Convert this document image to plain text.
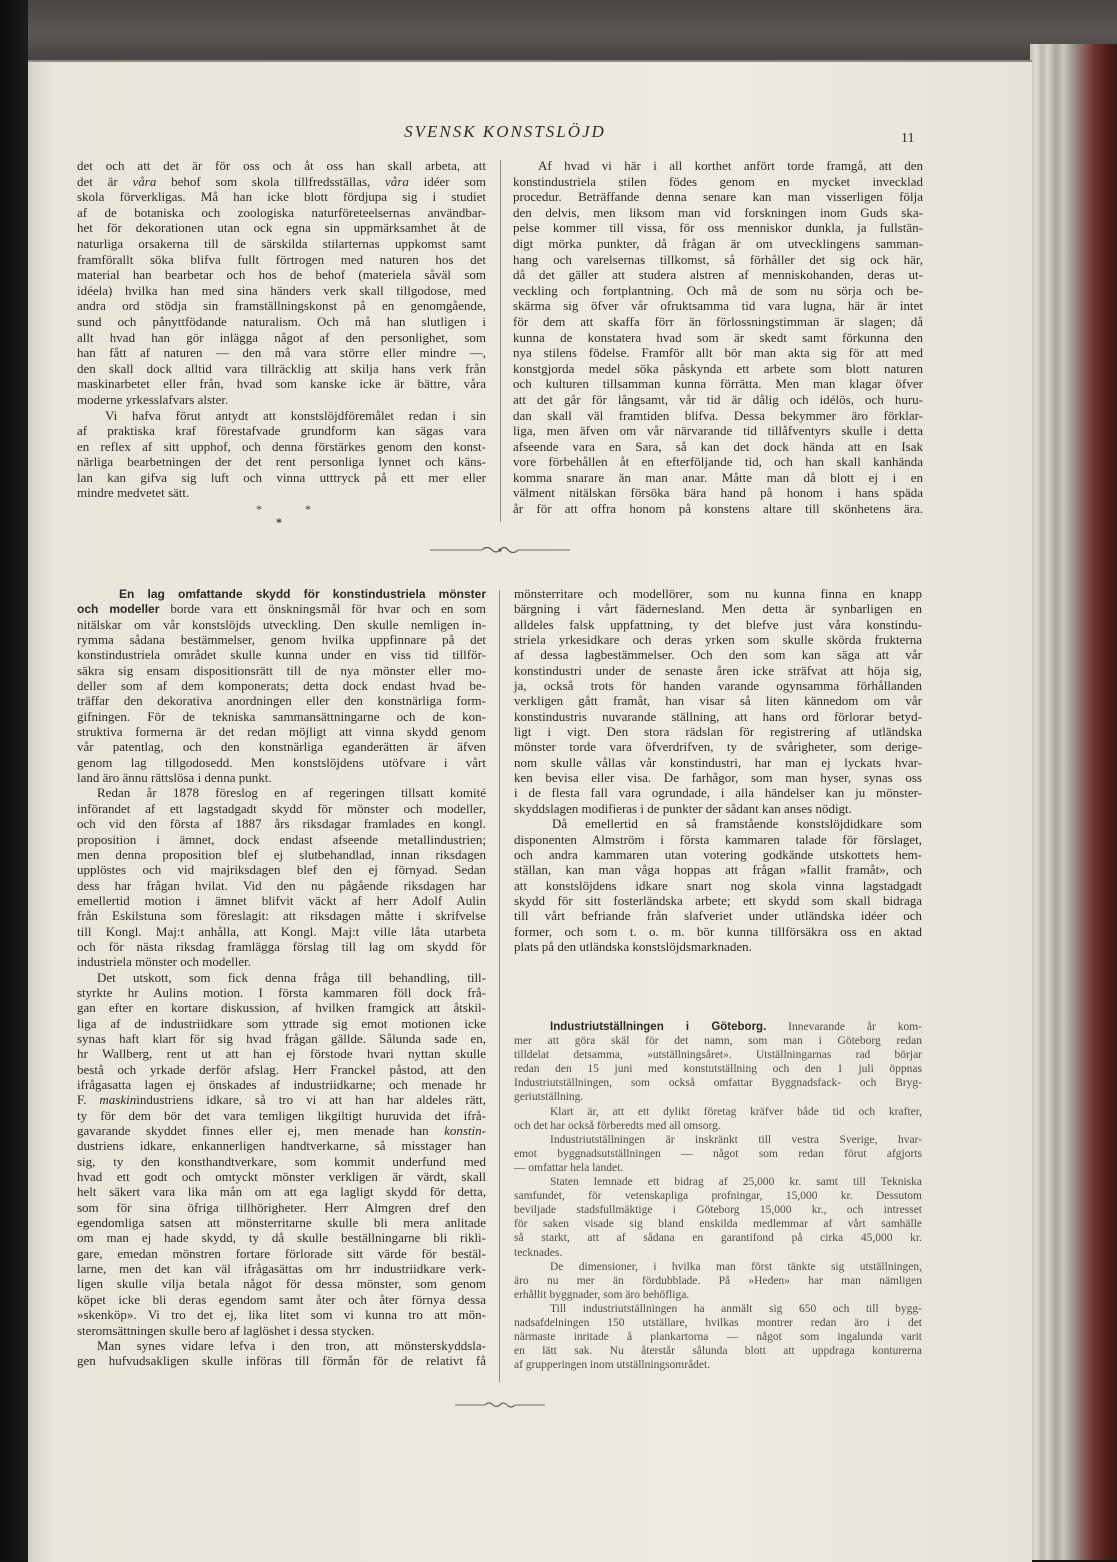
SVENSK KONSTSLÖJD	11
det och att det är för oss och åt oss han skall arbeta, att
det är våra behof som skola tillfredsställas, våra idéer som
skola förverkligas. Må han icke blott fördjupa sig i studiet
af de botaniska och zoologiska naturföreteelsernas användbar-
het för dekorationen utan ock egna sin uppmärksamhet åt de
naturliga orsakerna till de särskilda stilarternas uppkomst samt
framförallt söka blifva fullt förtrogen med naturen hos det
material han bearbetar och hos de behof (materiela såväl som
idéela) hvilka han med sina händers verk skall tillgodose, med
andra ord stödja sin framställningskonst på en genomgående,
sund och pånyttfödande naturalism. Och må han slutligen i
allt hvad han gör inlägga något af den personlighet, som
han fått af naturen — den må vara större eller mindre —,
den skall dock alltid vara tillräcklig att skilja hans verk från
maskinarbetet eller från, hvad som kanske icke är bättre, våra
moderne yrkesslafvars alster.
Vi hafva förut antydt att konstslöjdföremålet redan i sin
af praktiska kraf förestafvade grundform kan sägas vara
en reflex af sitt upphof, och denna förstärkes genom den konst-
närliga bearbetningen der det rent personliga lynnet och käns-
lan kan gifva sig luft och vinna utttryck på ett mer eller
mindre medvetet sätt.
Af hvad vi här i all korthet anfört torde framgå, att den
konstindustriela stilen födes genom en mycket invecklad
procedur. Beträffande denna senare kan man visserligen följa
den delvis, men liksom man vid forskningen inom Guds ska-
pelse kommer till vissa, för oss menniskor dunkla, ja fullstän-
digt mörka punkter, då frågan är om utvecklingens samman-
hang och varelsernas tillkomst, så förhåller det sig ock här,
då det gäller att studera alstren af menniskohanden, deras ut-
veckling och fortplantning. Och må de som nu sörja och be-
skärma sig öfver vår ofruktsamma tid vara lugna, här är intet
för dem att skaffa förr än förlossningstimman är slagen; då
kunna de konstatera hvad som är skedt samt förkunna den
nya stilens födelse. Framför allt bör man akta sig för att med
konstgjorda medel söka påskynda ett arbete som blott naturen
och kulturen tillsamman kunna förrätta. Men man klagar öfver
att det går för långsamt, vår tid är dålig och idélös, och huru-
dan skall väl framtiden blifva. Dessa bekymmer äro förklar-
liga, men äfven om vår närvarande tid tillåfventyrs skulle i detta
afseende vara en Sara, så kan det dock hända att en Isak
vore förbehållen åt en efterföljande tid, och han skall kanhända
komma snarare än man anar. Måtte man då blott ej i en
välment nitälskan försöka bära hand på honom i hans späda
år för att offra honom på konstens altare till skönhetens ära.
*	*
*
En lag omfattande skydd för konstindustriela mönster
och modeller borde vara ett önskningsmål för hvar och en som
nitälskar om vår konstslöjds utveckling. Den skulle nemligen in-
rymma sådana bestämmelser, genom hvilka uppfinnare på det
konstindustriela området skulle kunna under en viss tid tillför-
säkra sig ensam dispositionsrätt till de nya mönster eller mo-
deller som af dem komponerats; detta dock endast hvad be-
träffar den dekorativa anordningen eller den konstnärliga form-
gifningen. För de tekniska sammansättningarne och de kon-
struktiva formerna är det redan möjligt att vinna skydd genom
vår patentlag, och den konstnärliga eganderätten är äfven
genom lag tillgodosedd. Men konstslöjdens utöfvare i vårt
land äro ännu rättslösa i denna punkt.
Redan år 1878 föreslog en af regeringen tillsatt komité
införandet af ett lagstadgadt skydd för mönster och modeller,
och vid den första af 1887 års riksdagar framlades en kongl.
proposition i ämnet, dock endast afseende metallindustrien;
men denna proposition blef ej slutbehandlad, innan riksdagen
upplöstes och vid majriksdagen blef den ej förnyad. Sedan
dess har frågan hvilat. Vid den nu pågående riksdagen har
emellertid motion i ämnet blifvit väckt af herr Adolf Aulin
från Eskilstuna som föreslagit: att riksdagen måtte i skrifvelse
till Kongl. Maj:t anhålla, att Kongl. Maj:t ville låta utarbeta
och för nästa riksdag framlägga förslag till lag om skydd för
industriela mönster och modeller.
Det utskott, som fick denna fråga till behandling, till-
styrkte hr Aulins motion. I första kammaren föll dock frå-
gan efter en kortare diskussion, af hvilken framgick att åtskil-
liga af de industriidkare som yttrade sig emot motionen icke
synas haft klart för sig hvad frågan gällde. Sålunda sade en,
hr Wallberg, rent ut att han ej förstode hvari nyttan skulle
bestå och yrkade derför afslag. Herr Franckel påstod, att den
ifrågasatta lagen ej önskades af industriidkarne; och menade hr
F. maskinindustriens idkare, så tro vi att han har aldeles rätt,
ty för dem bör det vara temligen likgiltigt huruvida det ifrå-
gavarande skyddet finnes eller ej, men menade han konstin-
dustriens idkare, enkannerligen handtverkarne, så misstager han
sig, ty den konsthandtverkare, som kommit underfund med
hvad ett godt och omtyckt mönster verkligen är värdt, skall
helt säkert vara lika mån om att ega lagligt skydd för detta,
som för sina öfriga tillhörigheter. Herr Almgren dref den
egendomliga satsen att mönsterritarne skulle bli mera anlitade
om man ej hade skydd, ty då skulle beställningarne bli rikli-
gare, emedan mönstren fortare förlorade sitt värde för bestäl-
larne, men det kan väl ifrågasättas om hrr industriidkare verk-
ligen skulle vilja betala något för dessa mönster, som genom
köpet icke bli deras egendom samt åter och åter förnya dessa
»skenköp». Vi tro det ej, lika litet som vi kunna tro att mön-
steromsättningen skulle bero af laglöshet i dessa stycken.
Man synes vidare lefva i den tron, att mönsterskyddsla-
gen hufvudsakligen skulle införas till förmån för de relativt få
mönsterritare och modellörer, som nu kunna finna en knapp
bärgning i vårt fädernesland. Men detta är synbarligen en
alldeles falsk uppfattning, ty det blefve just våra konstindu-
striela yrkesidkare och deras yrken som skulle skörda frukterna
af dessa lagbestämmelser. Och den som kan säga att vår
konstindustri under de senaste åren icke sträfvat att höja sig,
ja, också trots för handen varande ogynsamma förhållanden
verkligen gått framåt, han visar så liten kännedom om vår
konstindustris nuvarande ställning, att hans ord förlorar betyd-
ligt i vigt. Den stora rädslan för registrering af utländska
mönster torde vara öfverdrifven, ty de svårigheter, som derige-
nom skulle vållas vår konstindustri, har man ej lyckats hvar-
ken bevisa eller visa. De farhågor, som man hyser, synas oss
i de flesta fall vara ogrundade, i alla händelser kan ju mönster-
skyddslagen modifieras i de punkter der sådant kan anses nödigt.
Då emellertid en så framstående konstslöjdidkare som
disponenten Almström i första kammaren talade för förslaget,
och andra kammaren utan votering godkände utskottets hem-
ställan, kan man våga hoppas att frågan »fallit framåt», och
att konstslöjdens idkare snart nog skola vinna lagstadgadt
skydd för sitt fosterländska arbete; ett skydd som skall bidraga
till vårt befriande från slafveriet under utländska idéer och
former, och som t. o. m. bör kunna tillförsäkra oss en aktad
plats på den utländska konstslöjdsmarknaden.
Industriutställningen i Göteborg. Innevarande år kom-
mer att göra skäl för det namn, som man i Göteborg redan
tilldelat detsamma, »utställningsåret». Utställningarnas rad börjar
redan den 15 juni med konstutställning och den 1 juli öppnas
Industriutställningen, som också omfattar Byggnadsfack- och Bryg-
geriutställning.
Klart är, att ett dylikt företag kräfver både tid och krafter,
och det har också förberedts med all omsorg.
Industriutställningen är inskränkt till vestra Sverige, hvar-
emot byggnadsutställningen — något som redan förut afgjorts
— omfattar hela landet.
Staten lemnade ett bidrag af 25,000 kr. samt till Tekniska
samfundet, för vetenskapliga profningar, 15,000 kr. Dessutom
beviljade stadsfullmäktige i Göteborg 15,000 kr., och intresset
för saken visade sig bland enskilda medlemmar af vårt samhälle
så starkt, att af sådana en garantifond på cirka 45,000 kr.
tecknades.
De dimensioner, i hvilka man först tänkte sig utställningen,
äro nu mer än fördubblade. På »Heden» har man nämligen
erhållit byggnader, som äro behöfliga.
Till industriutställningen ha anmält sig 650 och till bygg-
nadsafdelningen 150 utställare, hvilkas montrer redan äro i det
närmaste inritade å plankartorna — något som ingalunda varit
en lätt sak. Nu återstår sålunda blott att uppdraga konturerna
af grupperingen inom utställningsområdet.
